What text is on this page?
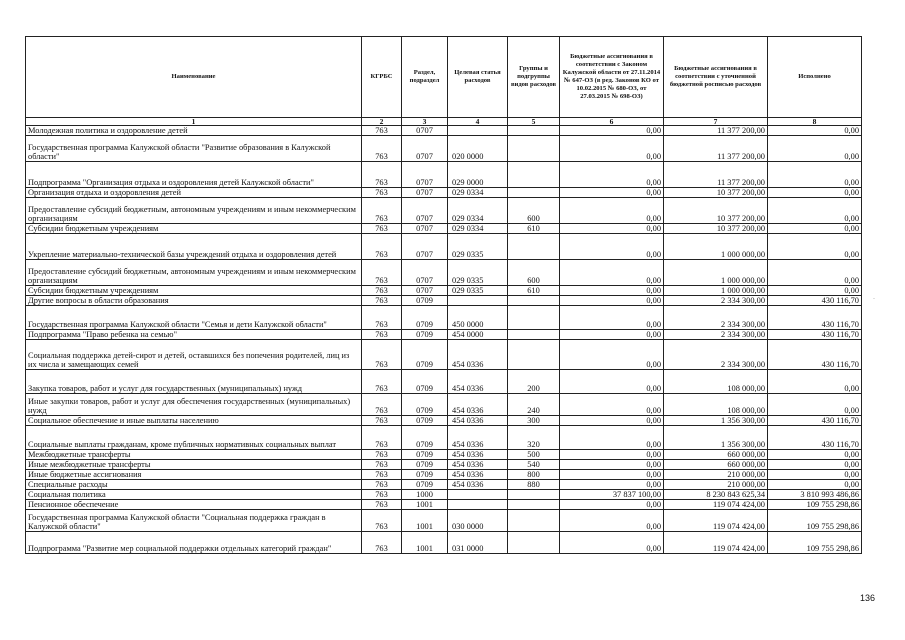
Наименование	КГРБС	Раздел, подраздел	Целевая статья расходов	Группы и подгруппы видов расходов	Бюджетные ассигнования в соответствии с Законом Калужской области от 27.11.2014 № 647-ОЗ (в ред. Законов КО от 10.02.2015 № 680-ОЗ, от 27.03.2015 № 698-ОЗ)	Бюджетные ассигнования в соответствии с уточненной бюджетной росписью расходов	Исполнено
1	2	3	4	5	6	7	8
Молодежная политика и оздоровление детей	763	0707			0,00	11 377 200,00	0,00
Государственная программа Калужской области "Развитие образования в Калужской области"	763	0707	020 0000		0,00	11 377 200,00	0,00
Подпрограмма "Организация отдыха и оздоровления детей Калужской области"	763	0707	029 0000		0,00	11 377 200,00	0,00
Организация отдыха и оздоровления детей	763	0707	029 0334		0,00	10 377 200,00	0,00
Предоставление субсидий бюджетным, автономным учреждениям и иным некоммерческим организациям	763	0707	029 0334	600	0,00	10 377 200,00	0,00
Субсидии бюджетным учреждениям	763	0707	029 0334	610	0,00	10 377 200,00	0,00
Укрепление материально-технической базы учреждений отдыха и оздоровления детей	763	0707	029 0335		0,00	1 000 000,00	0,00
Предоставление субсидий бюджетным, автономным учреждениям и иным некоммерческим организациям	763	0707	029 0335	600	0,00	1 000 000,00	0,00
Субсидии бюджетным учреждениям	763	0707	029 0335	610	0,00	1 000 000,00	0,00
Другие вопросы в области образования	763	0709			0,00	2 334 300,00	430 116,70
Государственная программа Калужской области "Семья и дети Калужской области"	763	0709	450 0000		0,00	2 334 300,00	430 116,70
Подпрограмма "Право ребенка на семью"	763	0709	454 0000		0,00	2 334 300,00	430 116,70
Социальная поддержка детей-сирот и детей, оставшихся без попечения родителей, лиц из их числа и замещающих семей	763	0709	454 0336		0,00	2 334 300,00	430 116,70
Закупка товаров, работ и услуг для государственных (муниципальных) нужд	763	0709	454 0336	200	0,00	108 000,00	0,00
Иные закупки товаров, работ и услуг для обеспечения государственных (муниципальных) нужд	763	0709	454 0336	240	0,00	108 000,00	0,00
Социальное обеспечение и иные выплаты населению	763	0709	454 0336	300	0,00	1 356 300,00	430 116,70
Социальные выплаты гражданам, кроме публичных нормативных социальных выплат	763	0709	454 0336	320	0,00	1 356 300,00	430 116,70
Межбюджетные трансферты	763	0709	454 0336	500	0,00	660 000,00	0,00
Иные межбюджетные трансферты	763	0709	454 0336	540	0,00	660 000,00	0,00
Иные бюджетные ассигнования	763	0709	454 0336	800	0,00	210 000,00	0,00
Специальные расходы	763	0709	454 0336	880	0,00	210 000,00	0,00
Социальная политика	763	1000			37 837 100,00	8 230 843 625,34	3 810 993 486,86
Пенсионное обеспечение	763	1001			0,00	119 074 424,00	109 755 298,86
Государственная программа Калужской области "Социальная поддержка граждан в Калужской области"	763	1001	030 0000		0,00	119 074 424,00	109 755 298,86
Подпрограмма "Развитие мер социальной поддержки отдельных категорий граждан"	763	1001	031 0000		0,00	119 074 424,00	109 755 298,86
136
·
